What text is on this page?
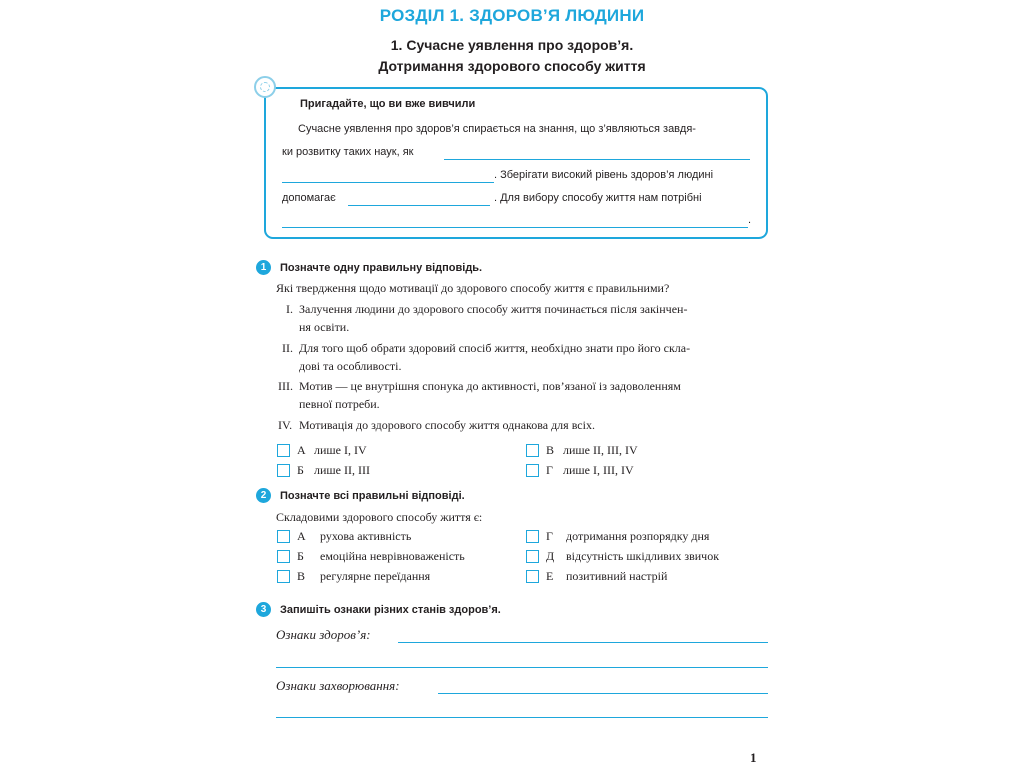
РОЗДІЛ 1. ЗДОРОВ’Я ЛЮДИНИ
1. Сучасне уявлення про здоров’я.
Дотримання здорового способу життя
Пригадайте, що ви вже вивчили
Сучасне уявлення про здоров’я спирається на знання, що з’являються завдя-
ки розвитку таких наук, як
. Зберігати високий рівень здоров’я людині
допомагає	. Для вибору способу життя нам потрібні
.
1	Позначте одну правильну відповідь.
Які твердження щодо мотивації до здорового способу життя є правильними?
I. Залучення людини до здорового способу життя починається після закінчен-
ня освіти.
II. Для того щоб обрати здоровий спосіб життя, необхідно знати про його скла-
дові та особливості.
III. Мотив — це внутрішня спонука до активності, пов’язаної із задоволенням
певної потреби.
IV. Мотивація до здорового способу життя однакова для всіх.
А лише I, IV
Б лише II, III
В лише II, III, IV
Г лише I, III, IV
2	Позначте всі правильні відповіді.
Складовими здорового способу життя є:
А рухова активність
Б емоційна неврівноваженість
В регулярне переїдання
Г дотримання розпорядку дня
Д відсутність шкідливих звичок
Е позитивний настрій
3	Запишіть ознаки різних станів здоров’я.
Ознаки здоров’я:
Ознаки захворювання:
1
